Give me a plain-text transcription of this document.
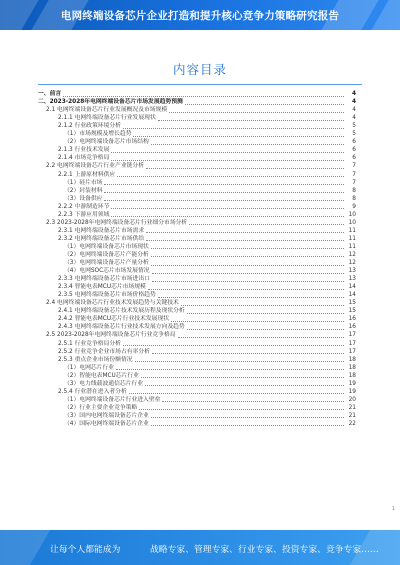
电网终端设备芯片企业打造和提升核心竞争力策略研究报告
内容目录
一、前言	4
二、2023-2028年电网终端设备芯片市场发展趋势预测	4
2.1 电网终端设备芯片行业发展概况及市场规模	4
2.1.1 电网终端设备芯片行业发展现状	4
2.1.2 行业政策环境分析	5
（1）市场规模及增长趋势	5
（2）电网终端设备芯片市场结构	6
2.1.3 行业技术发展	6
2.1.4 市场竞争格局	6
2.2 电网终端设备芯片行业产业链分析	7
2.2.1 上游原材料供应	7
（1）硅片市场	7
（2）封装材料	8
（3）设备供应	8
2.2.2 中游制造环节	9
2.2.3 下游应用领域	10
2.3 2023-2028年电网终端设备芯片行业细分市场分析	10
2.3.1 电网终端设备芯片市场需求	11
2.3.2 电网终端设备芯片市场供给	11
（1）电网终端设备芯片市场现状	11
（2）电网终端设备芯片产能分析	12
（3）电网终端设备芯片产量分析	12
（4）电网SOC芯片市场发展情况	13
2.3.3 电网终端设备芯片市场进出口	13
2.3.4 智能电表MCU芯片市场规模	14
2.3.5 电网终端设备芯片市场价格趋势	14
2.4 电网终端设备芯片行业技术发展趋势与关键技术	15
2.4.1 电网终端设备芯片技术发展历程及现状分析	15
2.4.2 智能电表MCU芯片行业技术发展现状	16
2.4.3 电网终端设备芯片行业技术发展方向及趋势	16
2.5 2023-2028年电网终端设备芯片行业竞争格局	17
2.5.1 行业竞争格局分析	17
2.5.2 行业竞争企业市场占有率分析	17
2.5.3 重点企业市场份额情况	18
（1）电网芯片行业	18
（2）智能电表MCU芯片行业	18
（3）电力线载波通信芯片行业	19
2.5.4 行业潜在进入者分析	19
（1）电网终端设备芯片行业进入壁垒	20
（2）行业主要企业竞争策略	21
（3）国内电网终端设备芯片企业	21
（4）国际电网终端设备芯片企业	22
1
让每个人都能成为	战略专家、管理专家、行业专家、投资专家、竞争专家……
